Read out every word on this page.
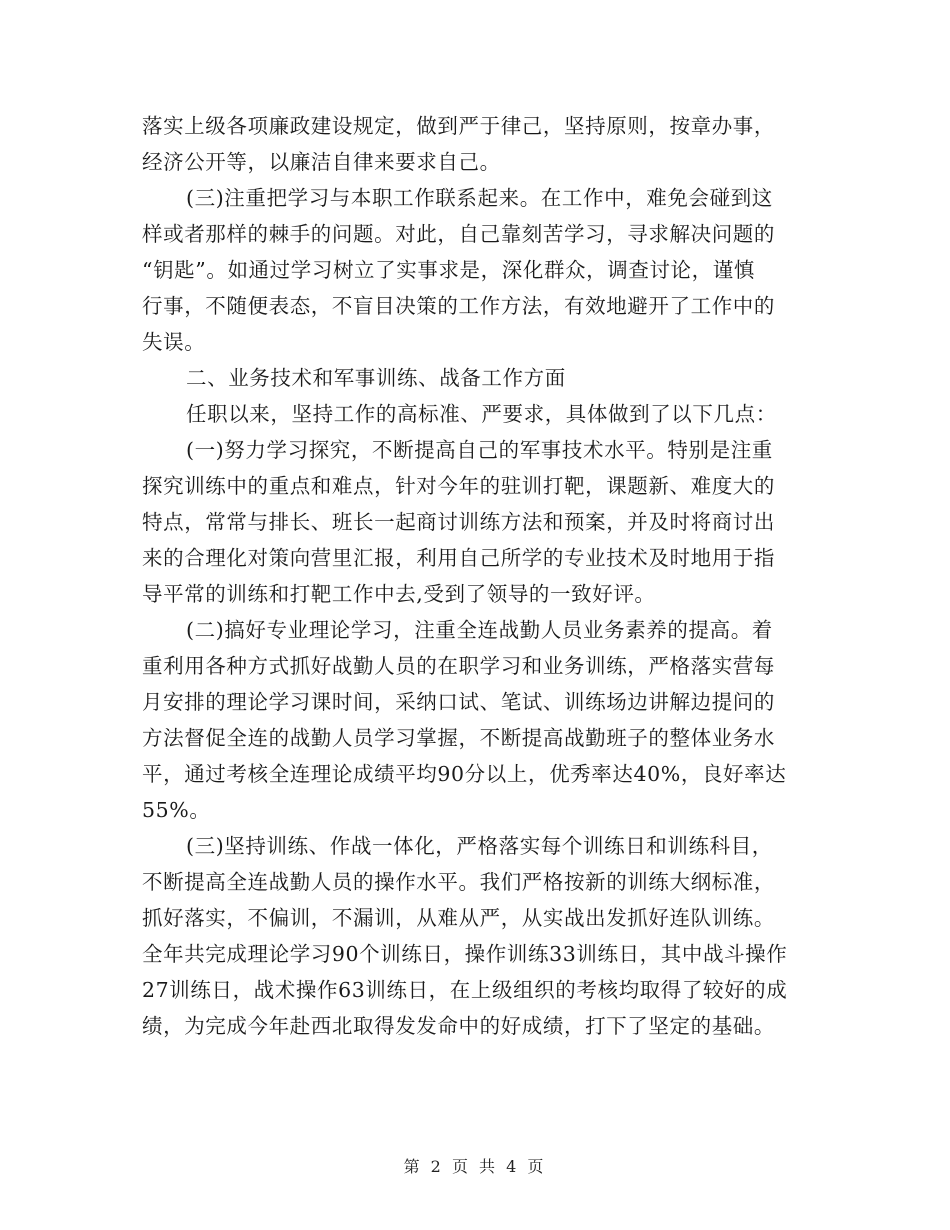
落实上级各项廉政建设规定，做到严于律己，坚持原则，按章办事，
经济公开等，以廉洁自律来要求自己。
(三)注重把学习与本职工作联系起来。在工作中，难免会碰到这
样或者那样的棘手的问题。对此，自己靠刻苦学习，寻求解决问题的
“钥匙”。如通过学习树立了实事求是，深化群众，调查讨论，谨慎
行事，不随便表态，不盲目决策的工作方法，有效地避开了工作中的
失误。
二、业务技术和军事训练、战备工作方面
任职以来，坚持工作的高标准、严要求，具体做到了以下几点：
(一)努力学习探究，不断提高自己的军事技术水平。特别是注重
探究训练中的重点和难点，针对今年的驻训打靶，课题新、难度大的
特点，常常与排长、班长一起商讨训练方法和预案，并及时将商讨出
来的合理化对策向营里汇报，利用自己所学的专业技术及时地用于指
导平常的训练和打靶工作中去,受到了领导的一致好评。
(二)搞好专业理论学习，注重全连战勤人员业务素养的提高。着
重利用各种方式抓好战勤人员的在职学习和业务训练，严格落实营每
月安排的理论学习课时间，采纳口试、笔试、训练场边讲解边提问的
方法督促全连的战勤人员学习掌握，不断提高战勤班子的整体业务水
平，通过考核全连理论成绩平均90分以上，优秀率达40%，良好率达
55%。
(三)坚持训练、作战一体化，严格落实每个训练日和训练科目，
不断提高全连战勤人员的操作水平。我们严格按新的训练大纲标准，
抓好落实，不偏训，不漏训，从难从严，从实战出发抓好连队训练。
全年共完成理论学习90个训练日，操作训练33训练日，其中战斗操作
27训练日，战术操作63训练日，在上级组织的考核均取得了较好的成
绩，为完成今年赴西北取得发发命中的好成绩，打下了坚定的基础。
第 2 页 共 4 页
